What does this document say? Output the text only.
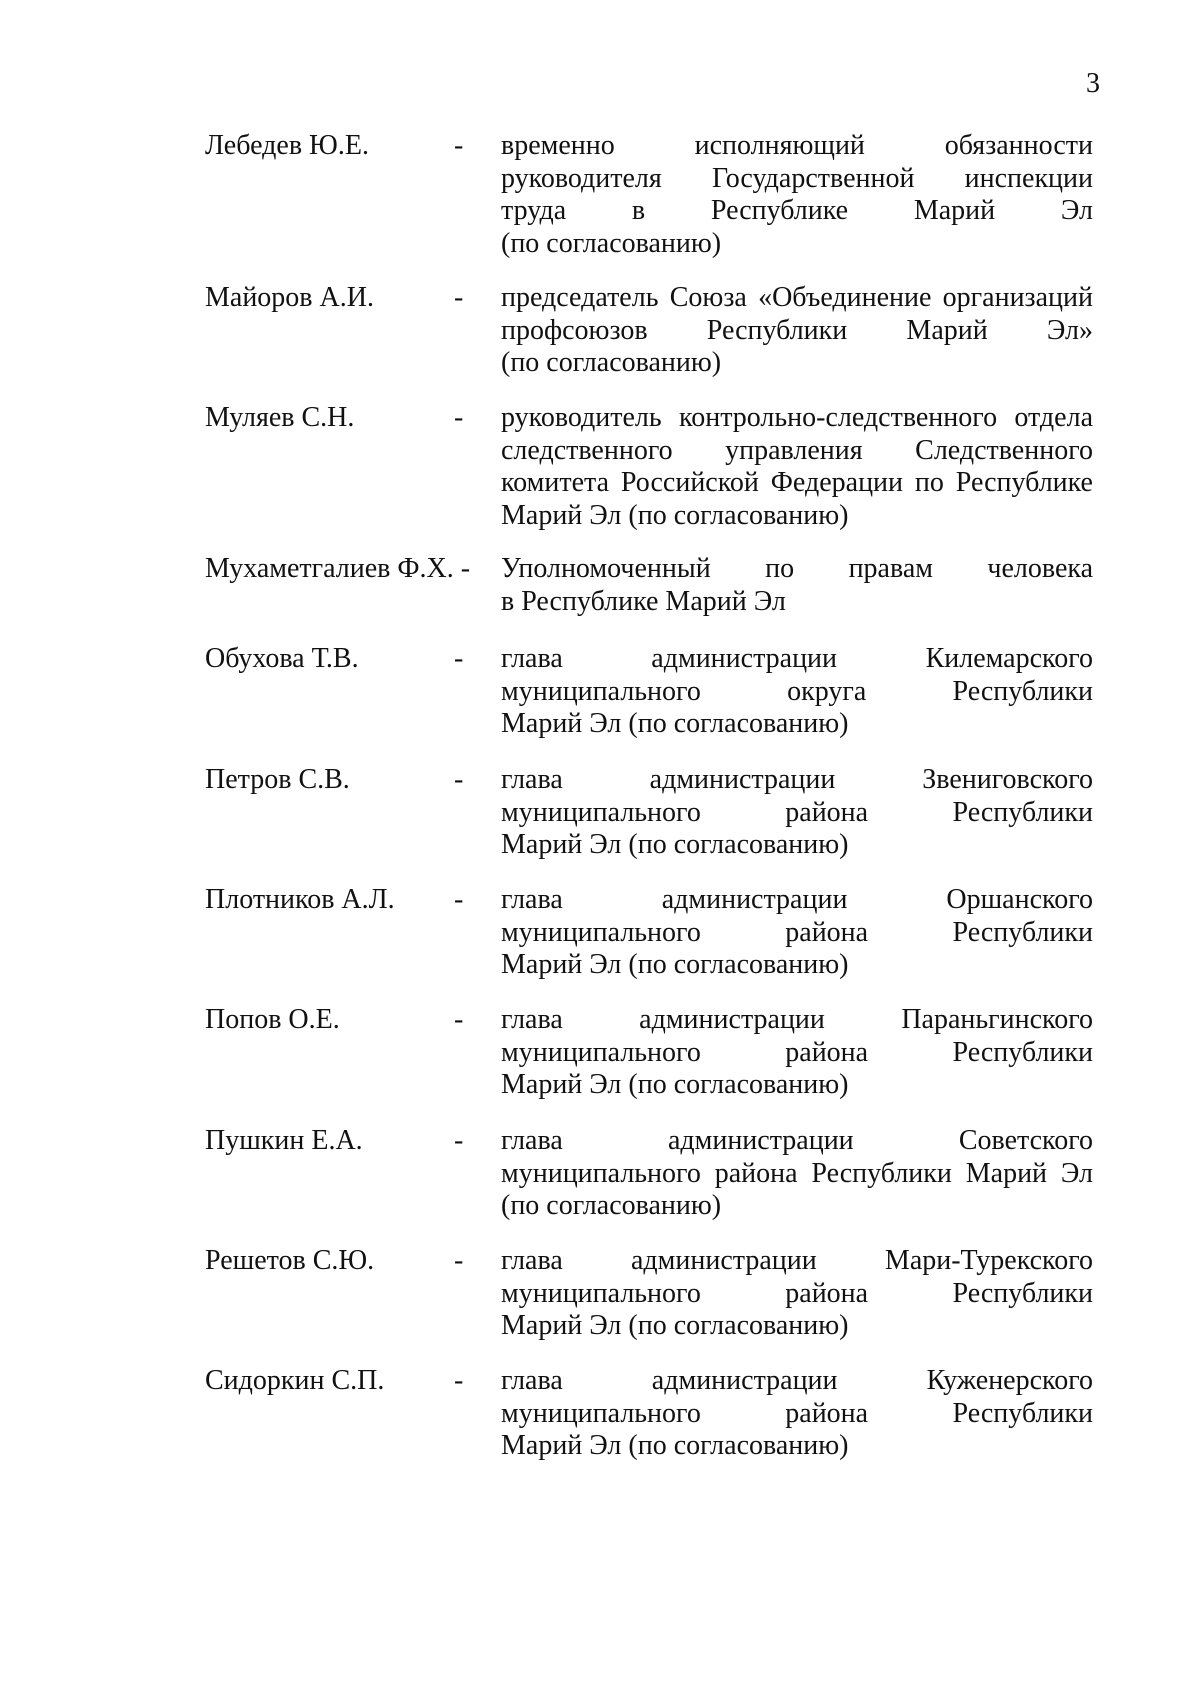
3
Лебедев Ю.Е.	- временно исполняющий обязанности
руководителя Государственной инспекции
труда в Республике Марий Эл
(по согласованию)
Майоров А.И.	- председатель Союза «Объединение организаций
профсоюзов Республики Марий Эл»
(по согласованию)
Муляев С.Н.	- руководитель контрольно-следственного отдела
следственного управления Следственного
комитета Российской Федерации по Республике
Марий Эл (по согласованию)
Мухаметгалиев Ф.Х. - Уполномоченный по правам человека
в Республике Марий Эл
Обухова Т.В.	- глава администрации Килемарского
муниципального округа Республики
Марий Эл (по согласованию)
Петров С.В.	- глава администрации Звениговского
муниципального района Республики
Марий Эл (по согласованию)
Плотников А.Л. - глава администрации Оршанского
муниципального района Республики
Марий Эл (по согласованию)
Попов О.Е.	- глава администрации Параньгинского
муниципального района Республики
Марий Эл (по согласованию)
Пушкин Е.А.	- глава администрации Советского
муниципального района Республики Марий Эл
(по согласованию)
Решетов С.Ю.	- глава администрации Мари-Турекского
муниципального района Республики
Марий Эл (по согласованию)
Сидоркин С.П. - глава администрации Куженерского
муниципального района Республики
Марий Эл (по согласованию)
